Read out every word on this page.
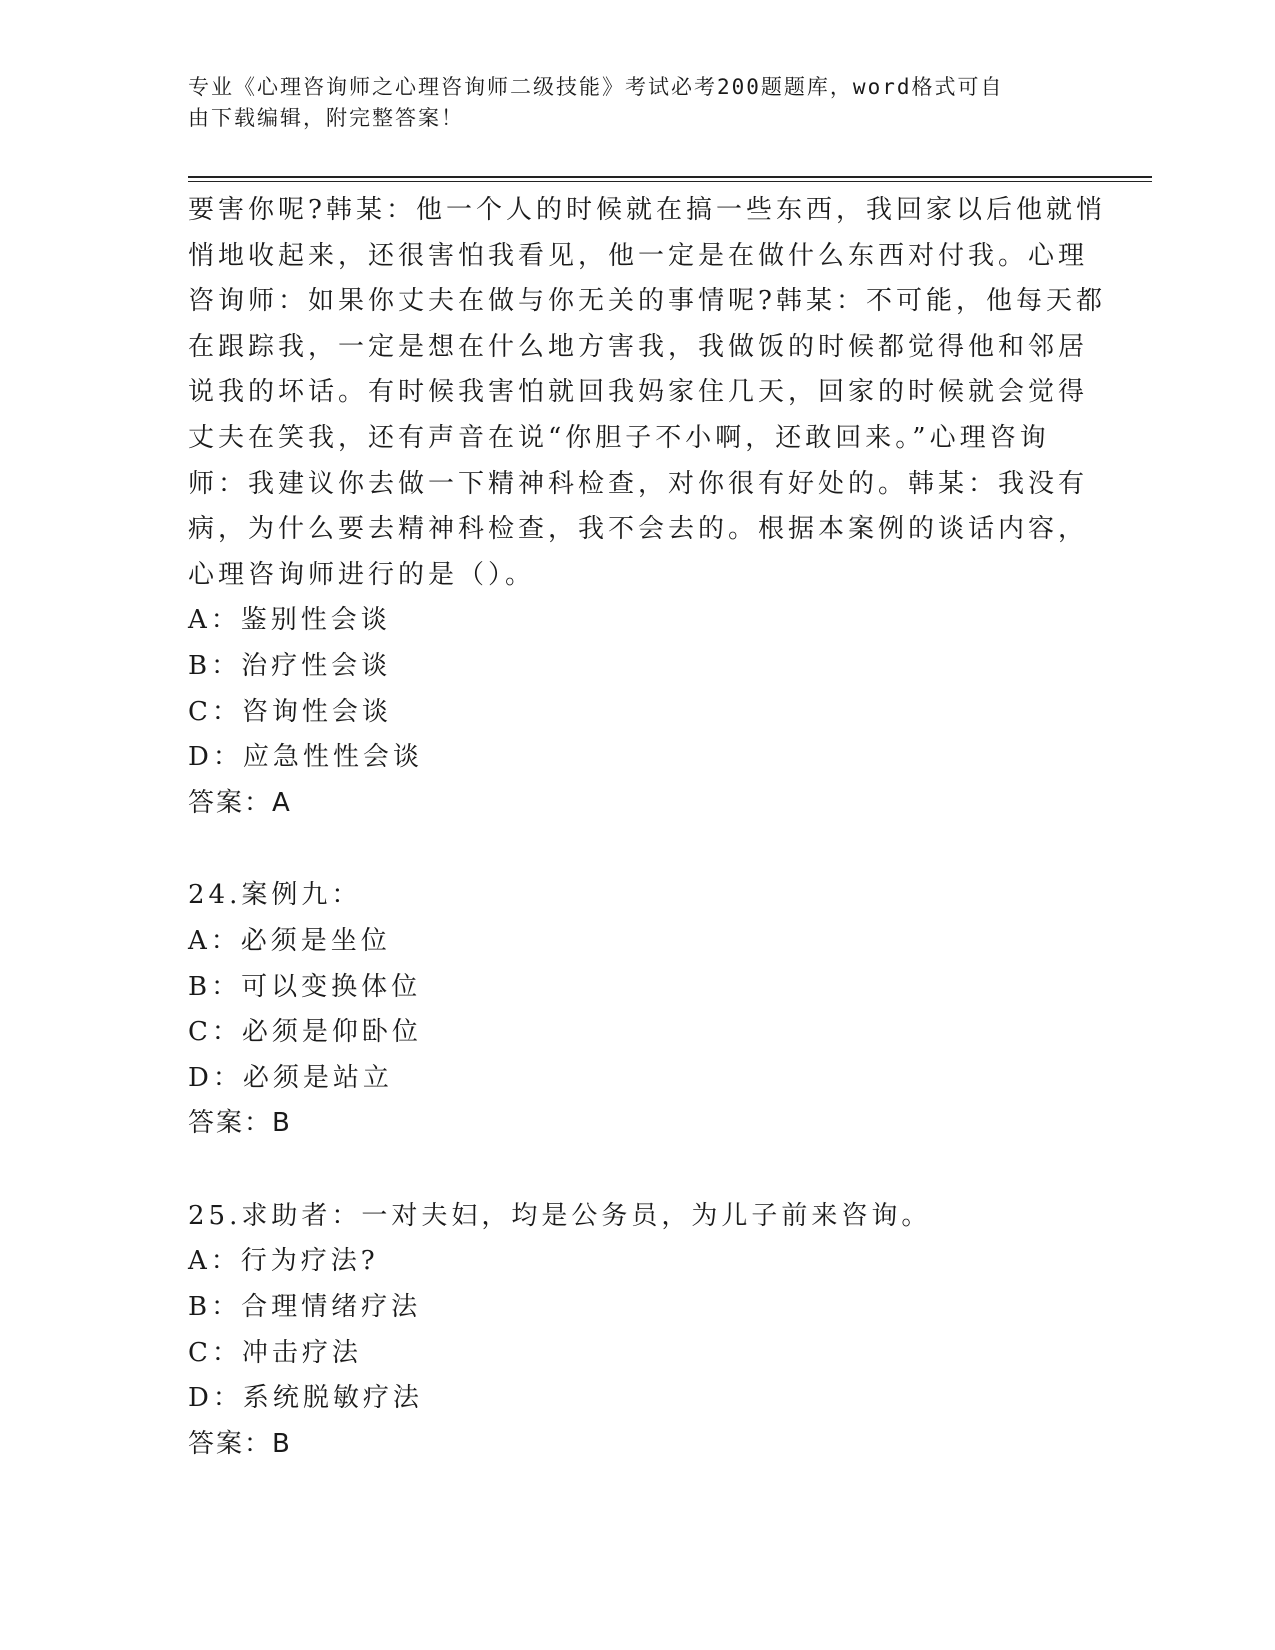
专业《心理咨询师之心理咨询师二级技能》考试必考200题题库，word格式可自
由下载编辑，附完整答案！
要害你呢?韩某：他一个人的时候就在搞一些东西，我回家以后他就悄
悄地收起来，还很害怕我看见，他一定是在做什么东西对付我。心理
咨询师：如果你丈夫在做与你无关的事情呢?韩某：不可能，他每天都
在跟踪我，一定是想在什么地方害我，我做饭的时候都觉得他和邻居
说我的坏话。有时候我害怕就回我妈家住几天，回家的时候就会觉得
丈夫在笑我，还有声音在说“你胆子不小啊，还敢回来。”心理咨询
师：我建议你去做一下精神科检查，对你很有好处的。韩某：我没有
病，为什么要去精神科检查，我不会去的。根据本案例的谈话内容，
心理咨询师进行的是（）。
A：鉴别性会谈
B：治疗性会谈
C：咨询性会谈
D：应急性性会谈
答案：A
24.案例九：
A：必须是坐位
B：可以变换体位
C：必须是仰卧位
D：必须是站立
答案：B
25.求助者：一对夫妇，均是公务员，为儿子前来咨询。
A：行为疗法?
B：合理情绪疗法
C：冲击疗法
D：系统脱敏疗法
答案：B
